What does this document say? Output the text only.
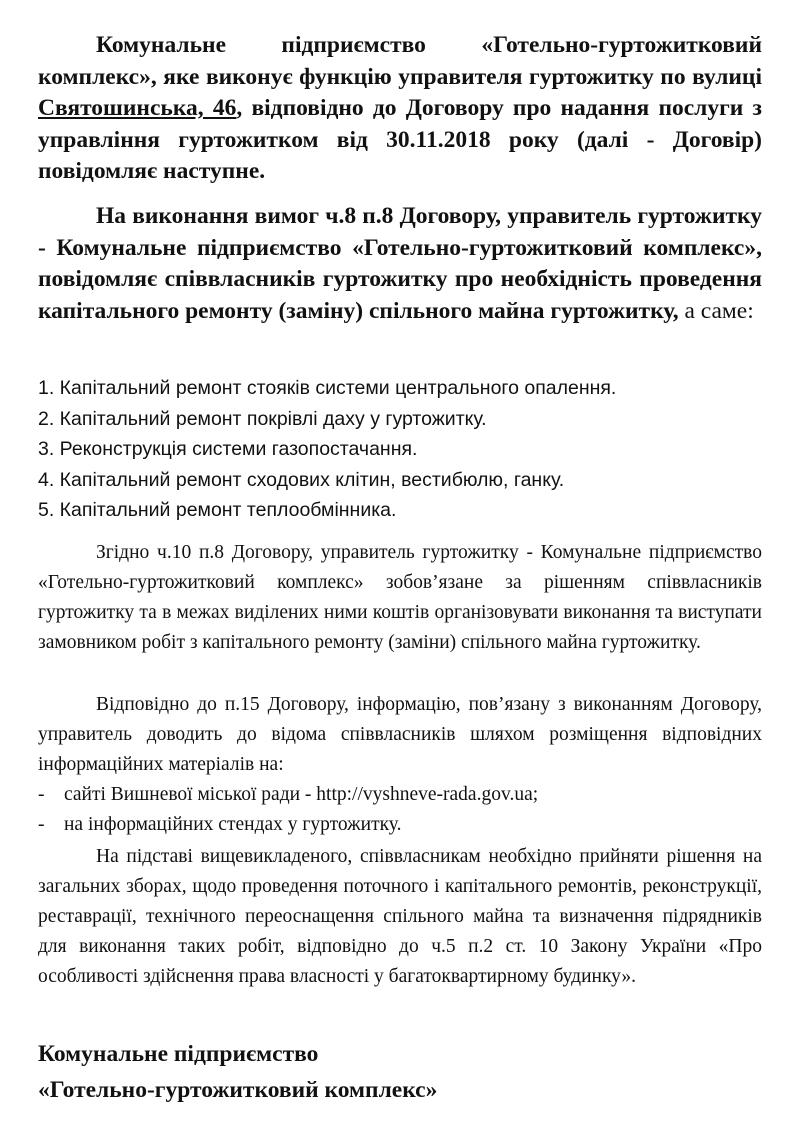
Комунальне підприємство «Готельно-гуртожитковий комплекс», яке виконує функцію управителя гуртожитку по вулиці Святошинська, 46, відповідно до Договору про надання послуги з управління гуртожитком від 30.11.2018 року (далі - Договір) повідомляє наступне.

На виконання вимог ч.8 п.8 Договору, управитель гуртожитку - Комунальне підприємство «Готельно-гуртожитковий комплекс», повідомляє співвласників гуртожитку про необхідність проведення капітального ремонту (заміну) спільного майна гуртожитку, а саме:

1. Капітальний ремонт стояків системи центрального опалення.
2. Капітальний ремонт покрівлі даху у гуртожитку.
3. Реконструкція системи газопостачання.
4. Капітальний ремонт сходових клітин, вестибюлю, ганку.
5. Капітальний ремонт теплообмінника.

Згідно ч.10 п.8 Договору, управитель гуртожитку - Комунальне підприємство «Готельно-гуртожитковий комплекс» зобов’язане за рішенням співвласників гуртожитку та в межах виділених ними коштів організовувати виконання та виступати замовником робіт з капітального ремонту (заміни) спільного майна гуртожитку.

Відповідно до п.15 Договору, інформацію, пов’язану з виконанням Договору, управитель доводить до відома співвласників шляхом розміщення відповідних інформаційних матеріалів на:

- сайті Вишневої міської ради - http://vyshneve-rada.gov.ua;
- на інформаційних стендах у гуртожитку.

На підставі вищевикладеного, співвласникам необхідно прийняти рішення на загальних зборах, щодо проведення поточного і капітального ремонтів, реконструкції, реставрації, технічного переоснащення спільного майна та визначення підрядників для виконання таких робіт, відповідно до ч.5 п.2 ст. 10 Закону України «Про особливості здійснення права власності у багатоквартирному будинку».

Комунальне підприємство
«Готельно-гуртожитковий комплекс»
